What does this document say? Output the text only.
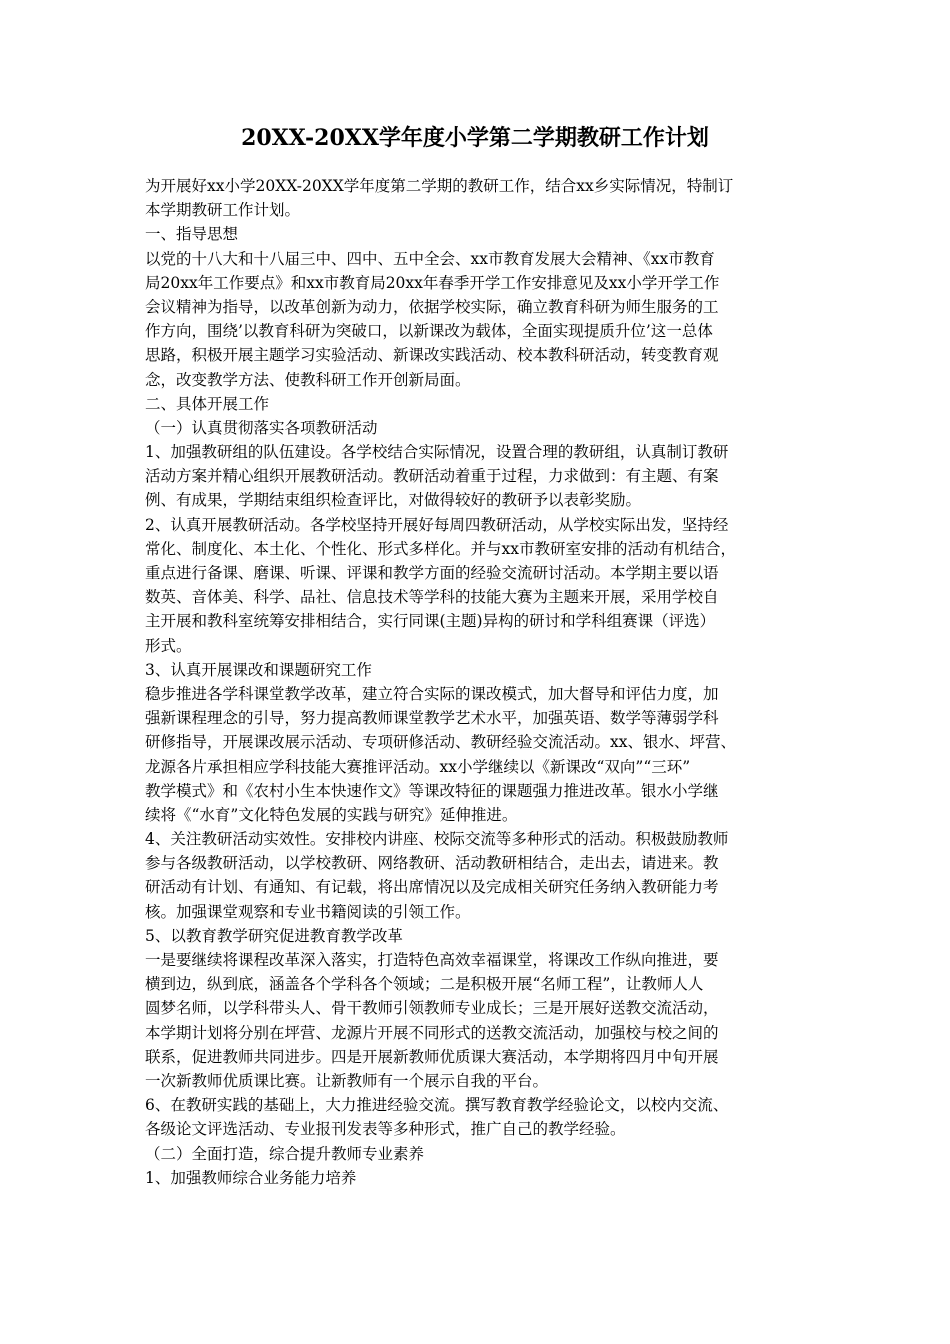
20XX-20XX学年度小学第二学期教研工作计划
为开展好xx小学20XX-20XX学年度第二学期的教研工作，结合xx乡实际情况，特制订
本学期教研工作计划。
一、指导思想
以党的十八大和十八届三中、四中、五中全会、xx市教育发展大会精神、《xx市教育
局20xx年工作要点》和xx市教育局20xx年春季开学工作安排意见及xx小学开学工作
会议精神为指导，以改革创新为动力，依据学校实际，确立教育科研为师生服务的工
作方向，围绕’以教育科研为突破口，以新课改为载体，全面实现提质升位’这一总体
思路，积极开展主题学习实验活动、新课改实践活动、校本教科研活动，转变教育观
念，改变教学方法、使教科研工作开创新局面。
二、具体开展工作
（一）认真贯彻落实各项教研活动
1、加强教研组的队伍建设。各学校结合实际情况，设置合理的教研组，认真制订教研
活动方案并精心组织开展教研活动。教研活动着重于过程，力求做到：有主题、有案
例、有成果，学期结束组织检查评比，对做得较好的教研予以表彰奖励。
2、认真开展教研活动。各学校坚持开展好每周四教研活动，从学校实际出发，坚持经
常化、制度化、本土化、个性化、形式多样化。并与xx市教研室安排的活动有机结合，
重点进行备课、磨课、听课、评课和教学方面的经验交流研讨活动。本学期主要以语
数英、音体美、科学、品社、信息技术等学科的技能大赛为主题来开展，采用学校自
主开展和教科室统筹安排相结合，实行同课(主题)异构的研讨和学科组赛课（评选）
形式。
3、认真开展课改和课题研究工作
稳步推进各学科课堂教学改革，建立符合实际的课改模式，加大督导和评估力度，加
强新课程理念的引导，努力提高教师课堂教学艺术水平，加强英语、数学等薄弱学科
研修指导，开展课改展示活动、专项研修活动、教研经验交流活动。xx、银水、坪营、
龙源各片承担相应学科技能大赛推评活动。xx小学继续以《新课改“双向”“三环”
教学模式》和《农村小生本快速作文》等课改特征的课题强力推进改革。银水小学继
续将《“水育”文化特色发展的实践与研究》延伸推进。
4、关注教研活动实效性。安排校内讲座、校际交流等多种形式的活动。积极鼓励教师
参与各级教研活动，以学校教研、网络教研、活动教研相结合，走出去，请进来。教
研活动有计划、有通知、有记载，将出席情况以及完成相关研究任务纳入教研能力考
核。加强课堂观察和专业书籍阅读的引领工作。
5、以教育教学研究促进教育教学改革
一是要继续将课程改革深入落实，打造特色高效幸福课堂，将课改工作纵向推进，要
横到边，纵到底，涵盖各个学科各个领域；二是积极开展“名师工程”，让教师人人
圆梦名师，以学科带头人、骨干教师引领教师专业成长；三是开展好送教交流活动，
本学期计划将分别在坪营、龙源片开展不同形式的送教交流活动，加强校与校之间的
联系，促进教师共同进步。四是开展新教师优质课大赛活动，本学期将四月中旬开展
一次新教师优质课比赛。让新教师有一个展示自我的平台。
6、在教研实践的基础上，大力推进经验交流。撰写教育教学经验论文，以校内交流、
各级论文评选活动、专业报刊发表等多种形式，推广自己的教学经验。
（二）全面打造，综合提升教师专业素养
1、加强教师综合业务能力培养
